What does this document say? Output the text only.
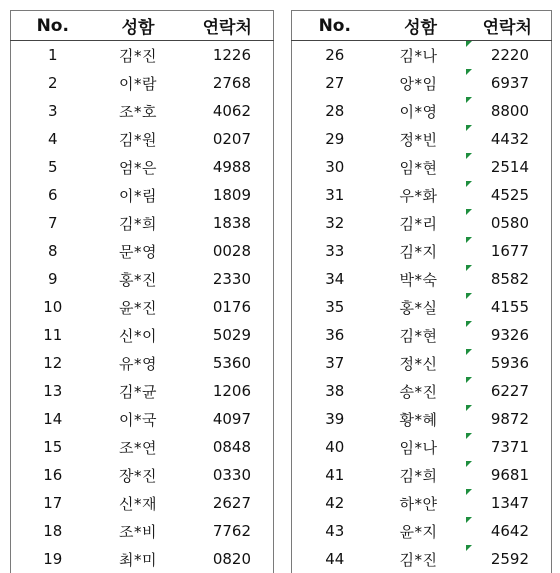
No.	성함	연락처
1	김*진	1226
2	이*람	2768
3	조*호	4062
4	김*원	0207
5	엄*은	4988
6	이*림	1809
7	김*희	1838
8	문*영	0028
9	홍*진	2330
10	윤*진	0176
11	신*이	5029
12	유*영	5360
13	김*균	1206
14	이*국	4097
15	조*연	0848
16	장*진	0330
17	신*재	2627
18	조*비	7762
19	최*미	0820
No.	성함	연락처
26	김*나	2220

27	앙*임	6937

28	이*영	8800

29	정*빈	4432

30	임*현	2514

31	우*화	4525

32	김*리	0580

33	김*지	1677

34	박*숙	8582

35	홍*실	4155

36	김*현	9326

37	정*신	5936

38	송*진	6227

39	황*혜	9872

40	임*나	7371

41	김*희	9681

42	하*얀	1347

43	윤*지	4642

44	김*진	2592
